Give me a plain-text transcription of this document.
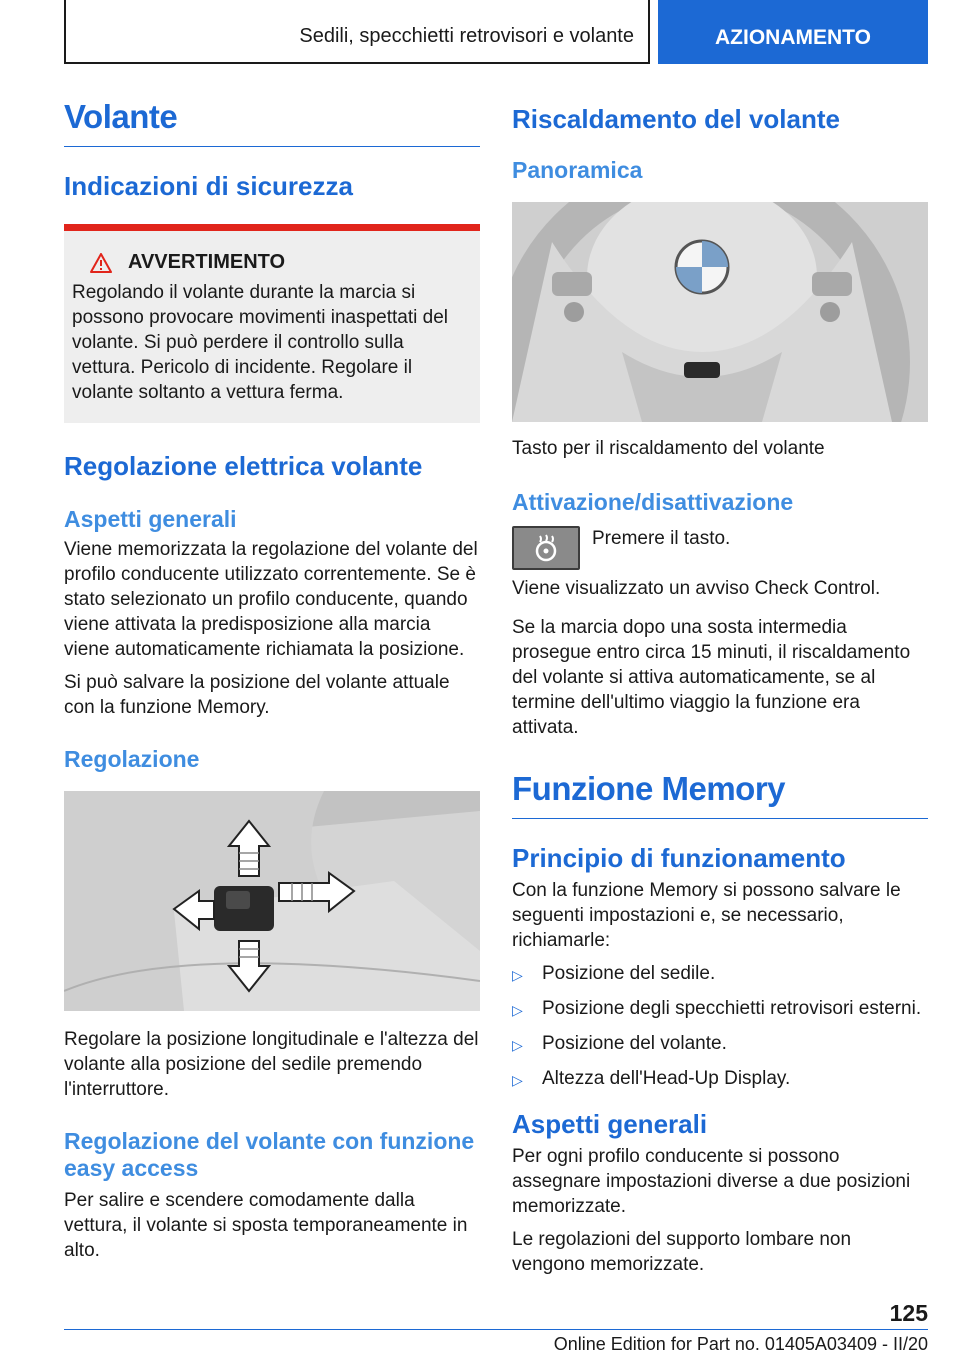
Sedili, specchietti retrovisori e volante	AZIONAMENTO
Volante
Indicazioni di sicurezza
AVVERTIMENTO

Regolando il volante durante la marcia si possono provocare movimenti inaspettati del volante. Si può perdere il controllo sulla vettura. Pericolo di incidente. Regolare il volante soltanto a vettura ferma.

Regolazione elettrica volante
Aspetti generali

Viene memorizzata la regolazione del volante del profilo conducente utilizzato correntemente. Se è stato selezionato un profilo conducente, quando viene attivata la predisposizione alla marcia viene automaticamente richiamata la posizione.

Si può salvare la posizione del volante attuale con la funzione Memory.

Regolazione

Regolare la posizione longitudinale e l'altezza del volante alla posizione del sedile premendo l'interruttore.

Regolazione del volante con funzione easy access

Per salire e scendere comodamente dalla vettura, il volante si sposta temporaneamente in alto.

Riscaldamento del volante
Panoramica

Tasto per il riscaldamento del volante

Attivazione/disattivazione

Premere il tasto.

Viene visualizzato un avviso Check Control.

Se la marcia dopo una sosta intermedia prosegue entro circa 15 minuti, il riscaldamento del volante si attiva automaticamente, se al termine dell'ultimo viaggio la funzione era attivata.

Funzione Memory
Principio di funzionamento

Con la funzione Memory si possono salvare le seguenti impostazioni e, se necessario, richiamarle:

▷	Posizione del sedile.
▷	Posizione degli specchietti retrovisori esterni.
▷	Posizione del volante.
▷	Altezza dell'Head-Up Display.
Aspetti generali

Per ogni profilo conducente si possono assegnare impostazioni diverse a due posizioni memorizzate.

Le regolazioni del supporto lombare non vengono memorizzate.

125
Online Edition for Part no. 01405A03409 - II/20
